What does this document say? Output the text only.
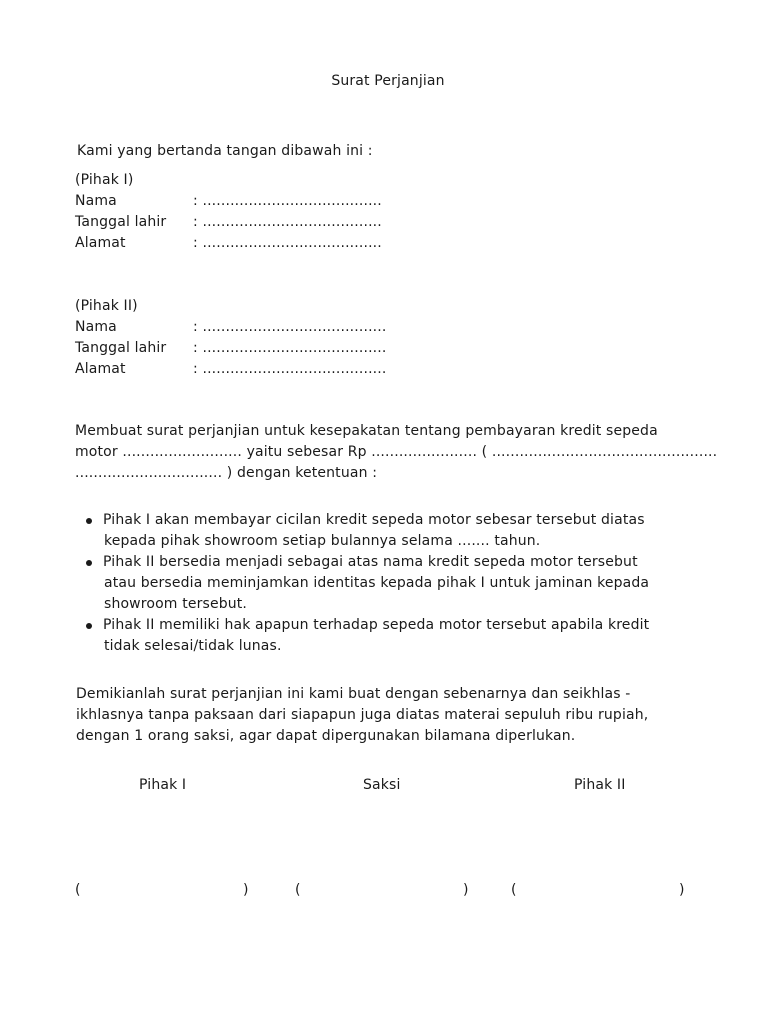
Surat Perjanjian
Kami yang bertanda tangan dibawah ini :
(Pihak I)
Nama	: .......................................
Tanggal lahir : .......................................
Alamat	: .......................................
(Pihak II)
Nama	: ........................................
Tanggal lahir : ........................................
Alamat	: ........................................
Membuat surat perjanjian untuk kesepakatan tentang pembayaran kredit sepeda
motor .......................... yaitu sebesar Rp ....................... ( .................................................
................................ ) dengan ketentuan :
Pihak I akan membayar cicilan kredit sepeda motor sebesar tersebut diatas
kepada pihak showroom setiap bulannya selama ....... tahun.
Pihak II bersedia menjadi sebagai atas nama kredit sepeda motor tersebut
atau bersedia meminjamkan identitas kepada pihak I untuk jaminan kepada
showroom tersebut.
Pihak II memiliki hak apapun terhadap sepeda motor tersebut apabila kredit
tidak selesai/tidak lunas.
Demikianlah surat perjanjian ini kami buat dengan sebenarnya dan seikhlas -
ikhlasnya tanpa paksaan dari siapapun juga diatas materai sepuluh ribu rupiah,
dengan 1 orang saksi, agar dapat dipergunakan bilamana diperlukan.
Pihak I	Saksi	Pihak II
(	)	(	)	(	)
